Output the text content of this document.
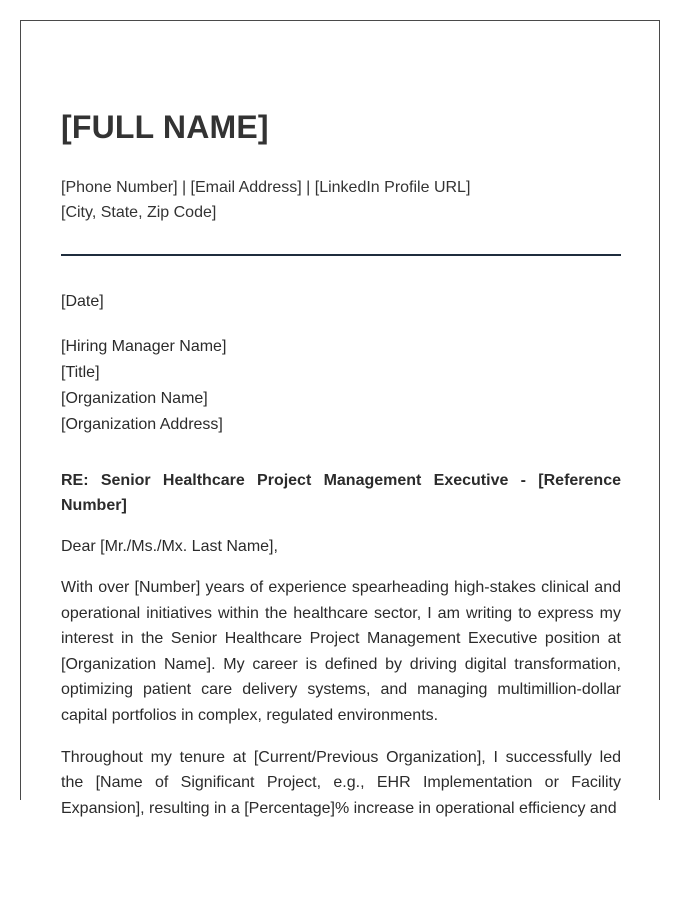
[FULL NAME]
[Phone Number] | [Email Address] | [LinkedIn Profile URL]
[City, State, Zip Code]
[Date]
[Hiring Manager Name]
[Title]
[Organization Name]
[Organization Address]
RE: Senior Healthcare Project Management Executive - [Reference Number]
Dear [Mr./Ms./Mx. Last Name],

With over [Number] years of experience spearheading high-stakes clinical and operational initiatives within the healthcare sector, I am writing to express my interest in the Senior Healthcare Project Management Executive position at [Organization Name]. My career is defined by driving digital transformation, optimizing patient care delivery systems, and managing multimillion-dollar capital portfolios in complex, regulated environments.

Throughout my tenure at [Current/Previous Organization], I successfully led the [Name of Significant Project, e.g., EHR Implementation or Facility Expansion], resulting in a [Percentage]% increase in operational efficiency and
